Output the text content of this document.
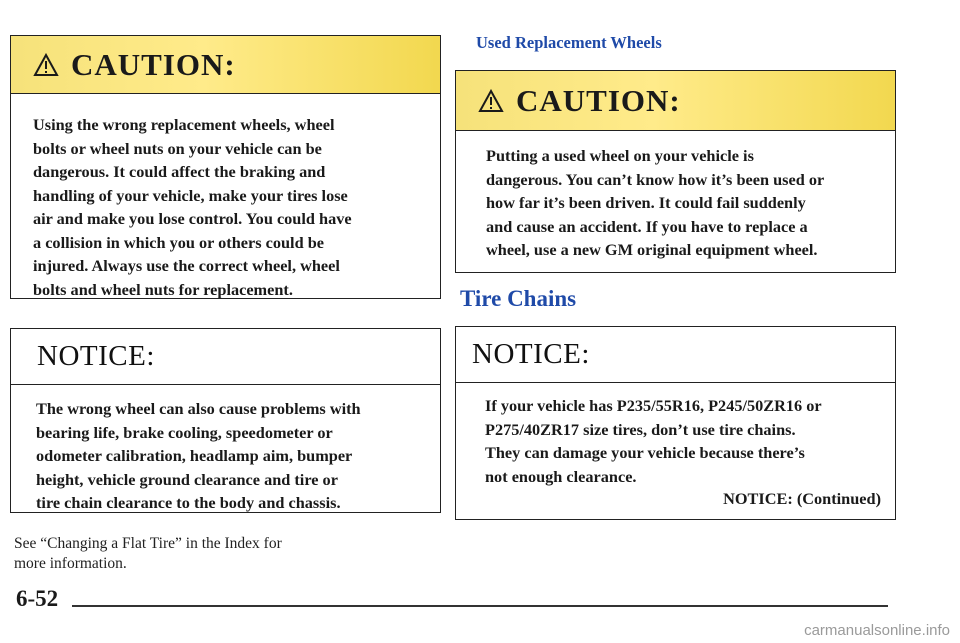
CAUTION:
Using the wrong replacement wheels, wheel
bolts or wheel nuts on your vehicle can be
dangerous. It could affect the braking and
handling of your vehicle, make your tires lose
air and make you lose control. You could have
a collision in which you or others could be
injured. Always use the correct wheel, wheel
bolts and wheel nuts for replacement.
NOTICE:
The wrong wheel can also cause problems with
bearing life, brake cooling, speedometer or
odometer calibration, headlamp aim, bumper
height, vehicle ground clearance and tire or
tire chain clearance to the body and chassis.
See “Changing a Flat Tire” in the Index for
more information.
Used Replacement Wheels
CAUTION:
Putting a used wheel on your vehicle is
dangerous. You can’t know how it’s been used or
how far it’s been driven. It could fail suddenly
and cause an accident. If you have to replace a
wheel, use a new GM original equipment wheel.
Tire Chains
NOTICE:
If your vehicle has P235/55R16, P245/50ZR16 or
P275/40ZR17 size tires, don’t use tire chains.
They can damage your vehicle because there’s
not enough clearance.
NOTICE: (Continued)
6-52
carmanualsonline.info
